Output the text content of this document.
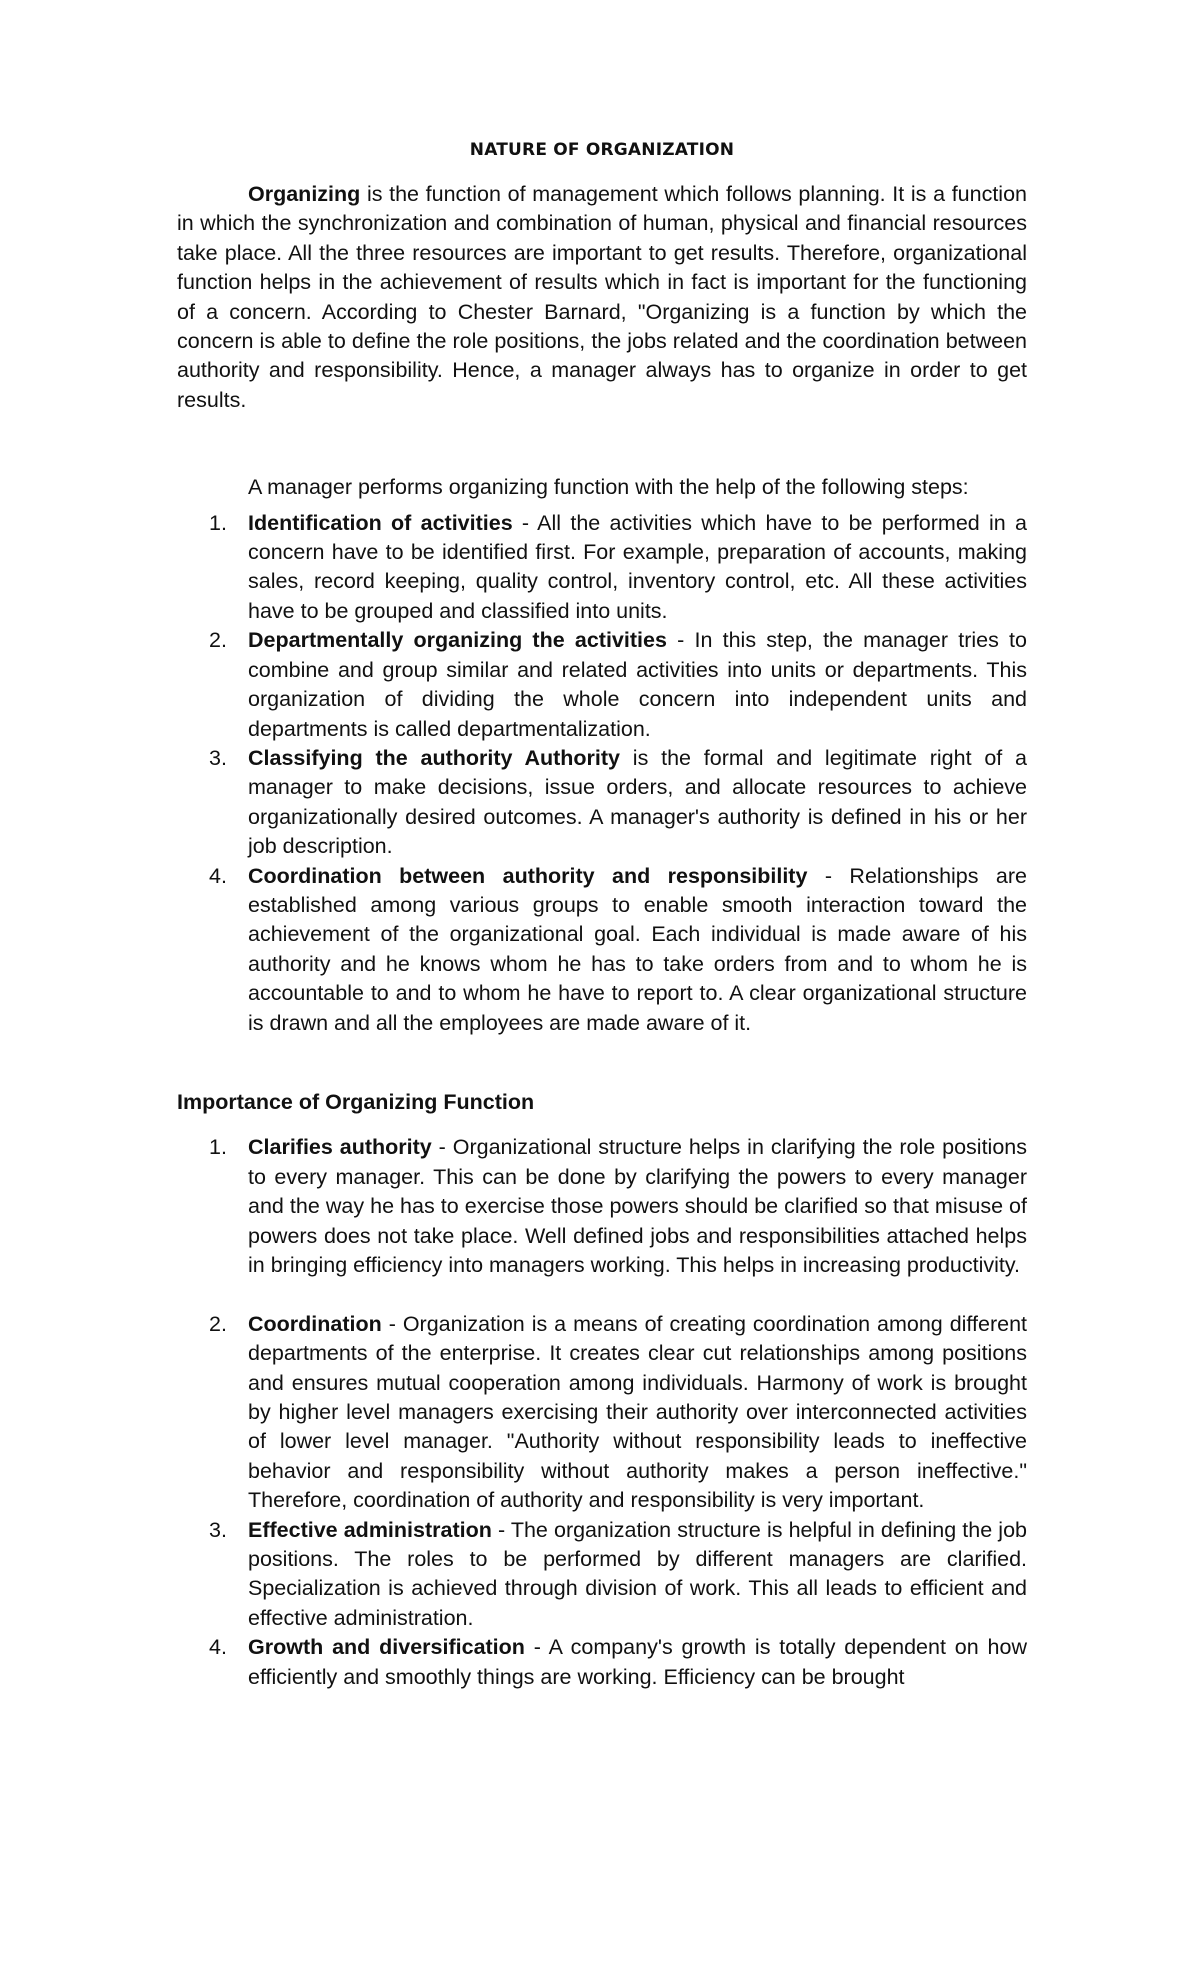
NATURE OF ORGANIZATION

Organizing is the function of management which follows planning. It is a function in which the synchronization and combination of human, physical and financial resources take place. All the three resources are important to get results. Therefore, organizational function helps in the achievement of results which in fact is important for the functioning of a concern. According to Chester Barnard, "Organizing is a function by which the concern is able to define the role positions, the jobs related and the coordination between authority and responsibility. Hence, a manager always has to organize in order to get results.

A manager performs organizing function with the help of the following steps:

1. Identification of activities - All the activities which have to be performed in a concern have to be identified first. For example, preparation of accounts, making sales, record keeping, quality control, inventory control, etc. All these activities have to be grouped and classified into units.
2. Departmentally organizing the activities - In this step, the manager tries to combine and group similar and related activities into units or departments. This organization of dividing the whole concern into independent units and departments is called departmentalization.
3. Classifying the authority Authority is the formal and legitimate right of a manager to make decisions, issue orders, and allocate resources to achieve organizationally desired outcomes. A manager's authority is defined in his or her job description.
4. Coordination between authority and responsibility - Relationships are established among various groups to enable smooth interaction toward the achievement of the organizational goal. Each individual is made aware of his authority and he knows whom he has to take orders from and to whom he is accountable to and to whom he have to report to. A clear organizational structure is drawn and all the employees are made aware of it.
Importance of Organizing Function
1. Clarifies authority - Organizational structure helps in clarifying the role positions to every manager. This can be done by clarifying the powers to every manager and the way he has to exercise those powers should be clarified so that misuse of powers does not take place. Well defined jobs and responsibilities attached helps in bringing efficiency into managers working. This helps in increasing productivity.
2. Coordination - Organization is a means of creating coordination among different departments of the enterprise. It creates clear cut relationships among positions and ensures mutual cooperation among individuals. Harmony of work is brought by higher level managers exercising their authority over interconnected activities of lower level manager. "Authority without responsibility leads to ineffective behavior and responsibility without authority makes a person ineffective." Therefore, coordination of authority and responsibility is very important.
3. Effective administration - The organization structure is helpful in defining the job positions. The roles to be performed by different managers are clarified. Specialization is achieved through division of work. This all leads to efficient and effective administration.
4. Growth and diversification - A company's growth is totally dependent on how efficiently and smoothly things are working. Efficiency can be brought
